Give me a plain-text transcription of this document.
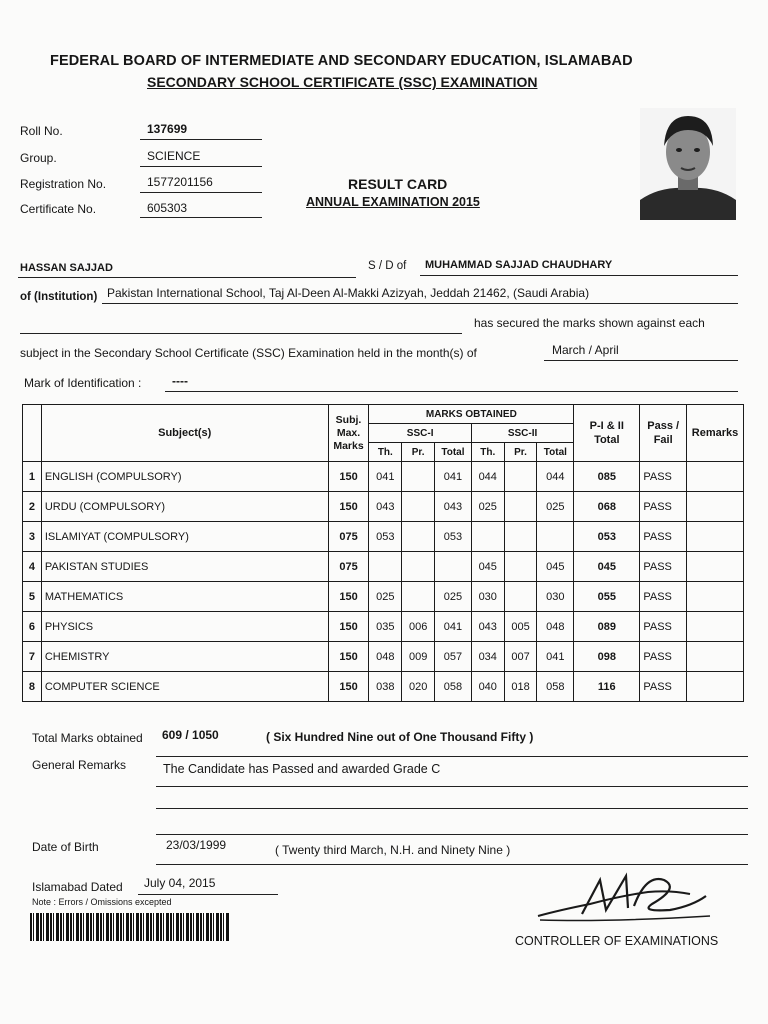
FEDERAL BOARD OF INTERMEDIATE AND SECONDARY EDUCATION, ISLAMABAD
SECONDARY SCHOOL CERTIFICATE (SSC) EXAMINATION
Roll No.	137699
Group.	SCIENCE
Registration No.	1577201156
Certificate No.	605303
RESULT CARD
ANNUAL EXAMINATION 2015
HASSAN SAJJAD	S / D of MUHAMMAD SAJJAD CHAUDHARY
of (Institution) Pakistan International School, Taj Al-Deen Al-Makki Azizyah, Jeddah 21462, (Saudi Arabia)
has secured the marks shown against each
subject in the Secondary School Certificate (SSC) Examination held in the month(s) of	March / April
Mark of Identification :	----
	Subject(s)	Subj. Max. Marks	MARKS OBTAINED						P-I & II Total	Pass / Fail	Remarks
			SSC-I			SSC-II					
			Th.	Pr.	Total	Th.	Pr.	Total			
1	ENGLISH (COMPULSORY)	150	041		041	044		044	085	PASS	
2	URDU (COMPULSORY)	150	043		043	025		025	068	PASS	
3	ISLAMIYAT (COMPULSORY)	075	053		053				053	PASS	
4	PAKISTAN STUDIES	075				045		045	045	PASS	
5	MATHEMATICS	150	025		025	030		030	055	PASS	
6	PHYSICS	150	035	006	041	043	005	048	089	PASS	
7	CHEMISTRY	150	048	009	057	034	007	041	098	PASS	
8	COMPUTER SCIENCE	150	038	020	058	040	018	058	116	PASS	
Total Marks obtained 609 / 1050	( Six Hundred Nine out of One Thousand Fifty )
General Remarks	The Candidate has Passed and awarded Grade C
Date of Birth	23/03/1999	( Twenty third March, N.H. and Ninety Nine )
Islamabad Dated July 04, 2015
Note : Errors / Omissions excepted
CONTROLLER OF EXAMINATIONS
